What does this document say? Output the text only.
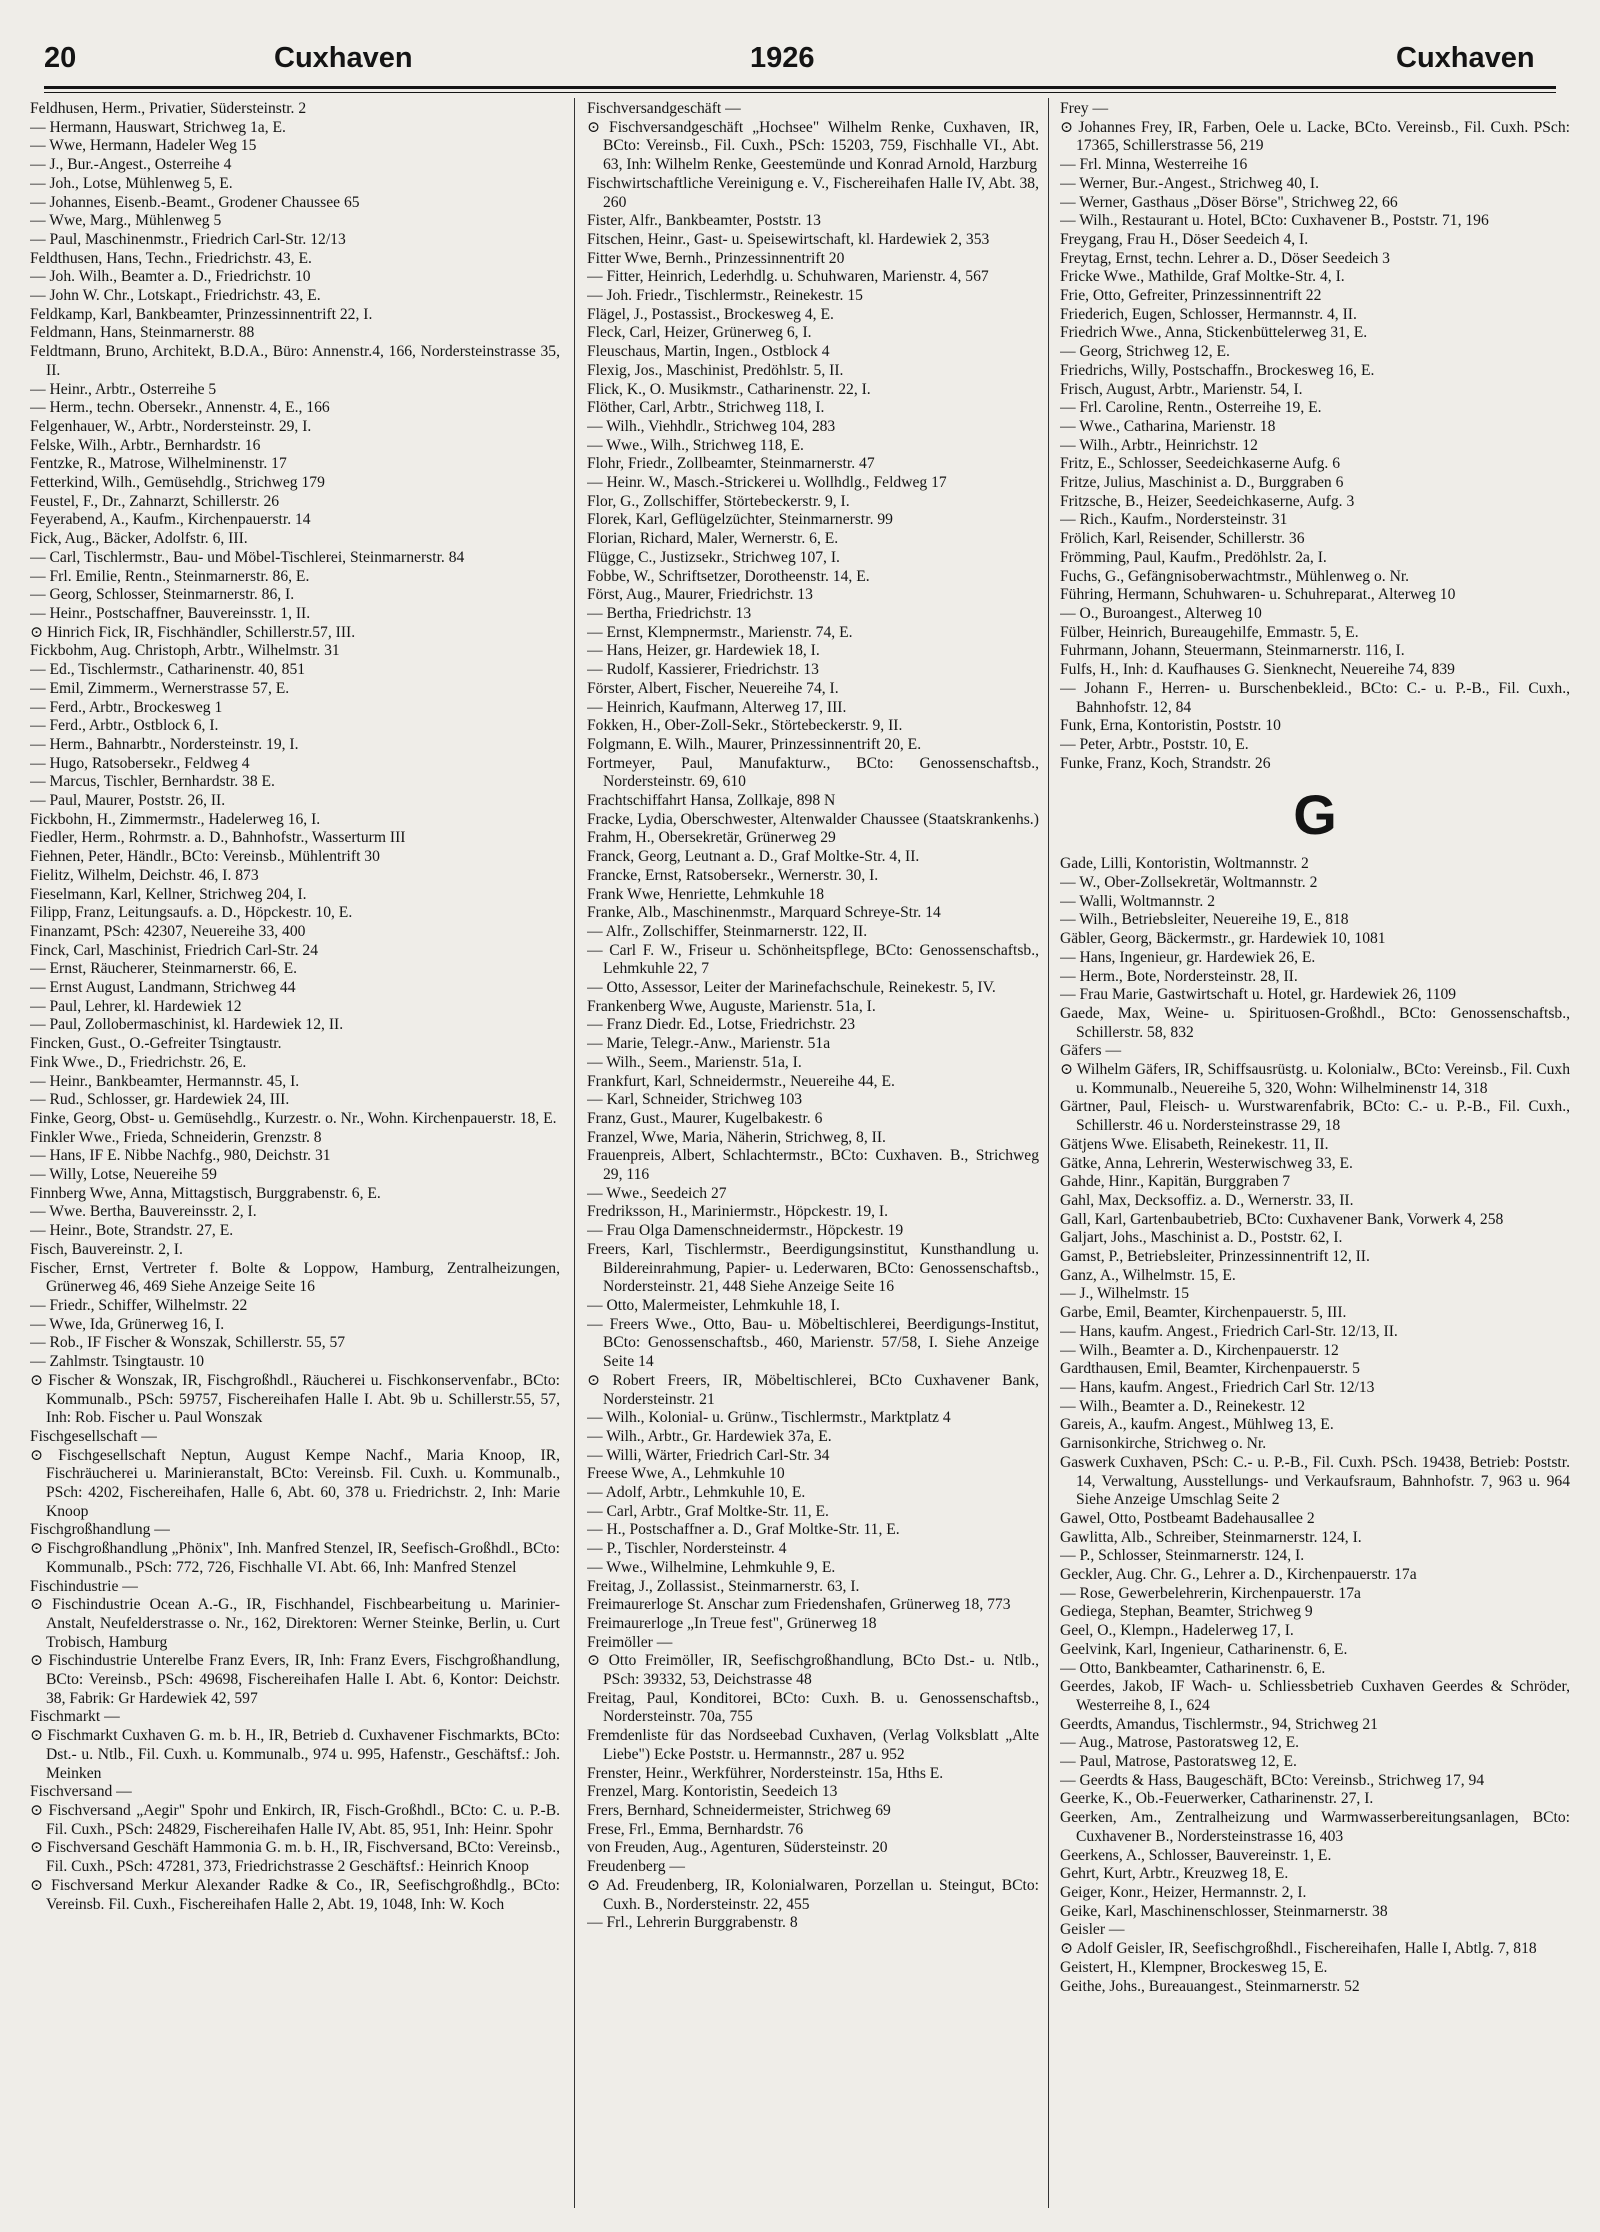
20	Cuxhaven	1926	Cuxhaven

Feldhusen, Herm., Privatier, Südersteinstr. 2

— Hermann, Hauswart, Strichweg 1a, E.

— Wwe, Hermann, Hadeler Weg 15

— J., Bur.-Angest., Osterreihe 4

— Joh., Lotse, Mühlenweg 5, E.

— Johannes, Eisenb.-Beamt., Grodener Chaussee 65

— Wwe, Marg., Mühlenweg 5

— Paul, Maschinenmstr., Friedrich Carl-Str. 12/13

Feldthusen, Hans, Techn., Friedrichstr. 43, E.

— Joh. Wilh., Beamter a. D., Friedrichstr. 10

— John W. Chr., Lotskapt., Friedrichstr. 43, E.

Feldkamp, Karl, Bankbeamter, Prinzessinnentrift 22, I.

Feldmann, Hans, Steinmarnerstr. 88

Feldtmann, Bruno, Architekt, B.D.A., Büro: Annenstr.4, 166, Nordersteinstrasse 35, II.

— Heinr., Arbtr., Osterreihe 5

— Herm., techn. Obersekr., Annenstr. 4, E., 166

Felgenhauer, W., Arbtr., Nordersteinstr. 29, I.

Felske, Wilh., Arbtr., Bernhardstr. 16

Fentzke, R., Matrose, Wilhelminenstr. 17

Fetterkind, Wilh., Gemüsehdlg., Strichweg 179

Feustel, F., Dr., Zahnarzt, Schillerstr. 26

Feyerabend, A., Kaufm., Kirchenpauerstr. 14

Fick, Aug., Bäcker, Adolfstr. 6, III.

— Carl, Tischlermstr., Bau- und Möbel-Tischlerei, Steinmarnerstr. 84

— Frl. Emilie, Rentn., Steinmarnerstr. 86, E.

— Georg, Schlosser, Steinmarnerstr. 86, I.

— Heinr., Postschaffner, Bauvereinsstr. 1, II.

⊙ Hinrich Fick, IR, Fischhändler, Schillerstr.57, III.

Fickbohm, Aug. Christoph, Arbtr., Wilhelmstr. 31

— Ed., Tischlermstr., Catharinenstr. 40, 851

— Emil, Zimmerm., Wernerstrasse 57, E.

— Ferd., Arbtr., Brockesweg 1

— Ferd., Arbtr., Ostblock 6, I.

— Herm., Bahnarbtr., Nordersteinstr. 19, I.

— Hugo, Ratsobersekr., Feldweg 4

— Marcus, Tischler, Bernhardstr. 38 E.

— Paul, Maurer, Poststr. 26, II.

Fickbohn, H., Zimmermstr., Hadelerweg 16, I.

Fiedler, Herm., Rohrmstr. a. D., Bahnhofstr., Wasserturm III

Fiehnen, Peter, Händlr., BCto: Vereinsb., Mühlentrift 30

Fielitz, Wilhelm, Deichstr. 46, I. 873

Fieselmann, Karl, Kellner, Strichweg 204, I.

Filipp, Franz, Leitungsaufs. a. D., Höpckestr. 10, E.

Finanzamt, PSch: 42307, Neuereihe 33, 400

Finck, Carl, Maschinist, Friedrich Carl-Str. 24

— Ernst, Räucherer, Steinmarnerstr. 66, E.

— Ernst August, Landmann, Strichweg 44

— Paul, Lehrer, kl. Hardewiek 12

— Paul, Zollobermaschinist, kl. Hardewiek 12, II.

Fincken, Gust., O.-Gefreiter Tsingtaustr.

Fink Wwe., D., Friedrichstr. 26, E.

— Heinr., Bankbeamter, Hermannstr. 45, I.

— Rud., Schlosser, gr. Hardewiek 24, III.

Finke, Georg, Obst- u. Gemüsehdlg., Kurzestr. o. Nr., Wohn. Kirchenpauerstr. 18, E.

Finkler Wwe., Frieda, Schneiderin, Grenzstr. 8

— Hans, IF E. Nibbe Nachfg., 980, Deichstr. 31

— Willy, Lotse, Neuereihe 59

Finnberg Wwe, Anna, Mittagstisch, Burggrabenstr. 6, E.

— Wwe. Bertha, Bauvereinsstr. 2, I.

— Heinr., Bote, Strandstr. 27, E.

Fisch, Bauvereinstr. 2, I.

Fischer, Ernst, Vertreter f. Bolte & Loppow, Hamburg, Zentralheizungen, Grünerweg 46, 469 Siehe Anzeige Seite 16

— Friedr., Schiffer, Wilhelmstr. 22

— Wwe, Ida, Grünerweg 16, I.

— Rob., IF Fischer & Wonszak, Schillerstr. 55, 57

— Zahlmstr. Tsingtaustr. 10

⊙ Fischer & Wonszak, IR, Fischgroßhdl., Räucherei u. Fischkonservenfabr., BCto: Kommunalb., PSch: 59757, Fischereihafen Halle I. Abt. 9b u. Schillerstr.55, 57, Inh: Rob. Fischer u. Paul Wonszak

Fischgesellschaft —

⊙ Fischgesellschaft Neptun, August Kempe Nachf., Maria Knoop, IR, Fischräucherei u. Marinieranstalt, BCto: Vereinsb. Fil. Cuxh. u. Kommunalb., PSch: 4202, Fischereihafen, Halle 6, Abt. 60, 378 u. Friedrichstr. 2, Inh: Marie Knoop

Fischgroßhandlung —

⊙ Fischgroßhandlung „Phönix", Inh. Manfred Stenzel, IR, Seefisch-Großhdl., BCto: Kommunalb., PSch: 772, 726, Fischhalle VI. Abt. 66, Inh: Manfred Stenzel

Fischindustrie —

⊙ Fischindustrie Ocean A.-G., IR, Fischhandel, Fischbearbeitung u. Marinier-Anstalt, Neufelderstrasse o. Nr., 162, Direktoren: Werner Steinke, Berlin, u. Curt Trobisch, Hamburg

⊙ Fischindustrie Unterelbe Franz Evers, IR, Inh: Franz Evers, Fischgroßhandlung, BCto: Vereinsb., PSch: 49698, Fischereihafen Halle I. Abt. 6, Kontor: Deichstr. 38, Fabrik: Gr Hardewiek 42, 597

Fischmarkt —

⊙ Fischmarkt Cuxhaven G. m. b. H., IR, Betrieb d. Cuxhavener Fischmarkts, BCto: Dst.- u. Ntlb., Fil. Cuxh. u. Kommunalb., 974 u. 995, Hafenstr., Geschäftsf.: Joh. Meinken

Fischversand —

⊙ Fischversand „Aegir" Spohr und Enkirch, IR, Fisch-Großhdl., BCto: C. u. P.-B. Fil. Cuxh., PSch: 24829, Fischereihafen Halle IV, Abt. 85, 951, Inh: Heinr. Spohr

⊙ Fischversand Geschäft Hammonia G. m. b. H., IR, Fischversand, BCto: Vereinsb., Fil. Cuxh., PSch: 47281, 373, Friedrichstrasse 2 Geschäftsf.: Heinrich Knoop

⊙ Fischversand Merkur Alexander Radke & Co., IR, Seefischgroßhdlg., BCto: Vereinsb. Fil. Cuxh., Fischereihafen Halle 2, Abt. 19, 1048, Inh: W. Koch

Fischversandgeschäft —

⊙ Fischversandgeschäft „Hochsee" Wilhelm Renke, Cuxhaven, IR, BCto: Vereinsb., Fil. Cuxh., PSch: 15203, 759, Fischhalle VI., Abt. 63, Inh: Wilhelm Renke, Geestemünde und Konrad Arnold, Harzburg

Fischwirtschaftliche Vereinigung e. V., Fischereihafen Halle IV, Abt. 38, 260

Fister, Alfr., Bankbeamter, Poststr. 13

Fitschen, Heinr., Gast- u. Speisewirtschaft, kl. Hardewiek 2, 353

Fitter Wwe, Bernh., Prinzessinnentrift 20

— Fitter, Heinrich, Lederhdlg. u. Schuhwaren, Marienstr. 4, 567

— Joh. Friedr., Tischlermstr., Reinekestr. 15

Flägel, J., Postassist., Brockesweg 4, E.

Fleck, Carl, Heizer, Grünerweg 6, I.

Fleuschaus, Martin, Ingen., Ostblock 4

Flexig, Jos., Maschinist, Predöhlstr. 5, II.

Flick, K., O. Musikmstr., Catharinenstr. 22, I.

Flöther, Carl, Arbtr., Strichweg 118, I.

— Wilh., Viehhdlr., Strichweg 104, 283

— Wwe., Wilh., Strichweg 118, E.

Flohr, Friedr., Zollbeamter, Steinmarnerstr. 47

— Heinr. W., Masch.-Strickerei u. Wollhdlg., Feldweg 17

Flor, G., Zollschiffer, Störtebeckerstr. 9, I.

Florek, Karl, Geflügelzüchter, Steinmarnerstr. 99

Florian, Richard, Maler, Wernerstr. 6, E.

Flügge, C., Justizsekr., Strichweg 107, I.

Fobbe, W., Schriftsetzer, Dorotheenstr. 14, E.

Först, Aug., Maurer, Friedrichstr. 13

— Bertha, Friedrichstr. 13

— Ernst, Klempnermstr., Marienstr. 74, E.

— Hans, Heizer, gr. Hardewiek 18, I.

— Rudolf, Kassierer, Friedrichstr. 13

Förster, Albert, Fischer, Neuereihe 74, I.

— Heinrich, Kaufmann, Alterweg 17, III.

Fokken, H., Ober-Zoll-Sekr., Störtebeckerstr. 9, II.

Folgmann, E. Wilh., Maurer, Prinzessinnentrift 20, E.

Fortmeyer, Paul, Manufakturw., BCto: Genossenschaftsb., Nordersteinstr. 69, 610

Frachtschiffahrt Hansa, Zollkaje, 898 N

Fracke, Lydia, Oberschwester, Altenwalder Chaussee (Staatskrankenhs.)

Frahm, H., Obersekretär, Grünerweg 29

Franck, Georg, Leutnant a. D., Graf Moltke-Str. 4, II.

Francke, Ernst, Ratsobersekr., Wernerstr. 30, I.

Frank Wwe, Henriette, Lehmkuhle 18

Franke, Alb., Maschinenmstr., Marquard Schreye-Str. 14

— Alfr., Zollschiffer, Steinmarnerstr. 122, II.

— Carl F. W., Friseur u. Schönheitspflege, BCto: Genossenschaftsb., Lehmkuhle 22, 7

— Otto, Assessor, Leiter der Marinefachschule, Reinekestr. 5, IV.

Frankenberg Wwe, Auguste, Marienstr. 51a, I.

— Franz Diedr. Ed., Lotse, Friedrichstr. 23

— Marie, Telegr.-Anw., Marienstr. 51a

— Wilh., Seem., Marienstr. 51a, I.

Frankfurt, Karl, Schneidermstr., Neuereihe 44, E.

— Karl, Schneider, Strichweg 103

Franz, Gust., Maurer, Kugelbakestr. 6

Franzel, Wwe, Maria, Näherin, Strichweg, 8, II.

Frauenpreis, Albert, Schlachtermstr., BCto: Cuxhaven. B., Strichweg 29, 116

— Wwe., Seedeich 27

Fredriksson, H., Mariniermstr., Höpckestr. 19, I.

— Frau Olga Damenschneidermstr., Höpckestr. 19

Freers, Karl, Tischlermstr., Beerdigungsinstitut, Kunsthandlung u. Bildereinrahmung, Papier- u. Lederwaren, BCto: Genossenschaftsb., Nordersteinstr. 21, 448 Siehe Anzeige Seite 16

— Otto, Malermeister, Lehmkuhle 18, I.

— Freers Wwe., Otto, Bau- u. Möbeltischlerei, Beerdigungs-Institut, BCto: Genossenschaftsb., 460, Marienstr. 57/58, I. Siehe Anzeige Seite 14

⊙ Robert Freers, IR, Möbeltischlerei, BCto Cuxhavener Bank, Nordersteinstr. 21

— Wilh., Kolonial- u. Grünw., Tischlermstr., Marktplatz 4

— Wilh., Arbtr., Gr. Hardewiek 37a, E.

— Willi, Wärter, Friedrich Carl-Str. 34

Freese Wwe, A., Lehmkuhle 10

— Adolf, Arbtr., Lehmkuhle 10, E.

— Carl, Arbtr., Graf Moltke-Str. 11, E.

— H., Postschaffner a. D., Graf Moltke-Str. 11, E.

— P., Tischler, Nordersteinstr. 4

— Wwe., Wilhelmine, Lehmkuhle 9, E.

Freitag, J., Zollassist., Steinmarnerstr. 63, I.

Freimaurerloge St. Anschar zum Friedenshafen, Grünerweg 18, 773

Freimaurerloge „In Treue fest", Grünerweg 18

Freimöller —

⊙ Otto Freimöller, IR, Seefischgroßhandlung, BCto Dst.- u. Ntlb., PSch: 39332, 53, Deichstrasse 48

Freitag, Paul, Konditorei, BCto: Cuxh. B. u. Genossenschaftsb., Nordersteinstr. 70a, 755

Fremdenliste für das Nordseebad Cuxhaven, (Verlag Volksblatt „Alte Liebe") Ecke Poststr. u. Hermannstr., 287 u. 952

Frenster, Heinr., Werkführer, Nordersteinstr. 15a, Hths E.

Frenzel, Marg. Kontoristin, Seedeich 13

Frers, Bernhard, Schneidermeister, Strichweg 69

Frese, Frl., Emma, Bernhardstr. 76

von Freuden, Aug., Agenturen, Südersteinstr. 20

Freudenberg —

⊙ Ad. Freudenberg, IR, Kolonialwaren, Porzellan u. Steingut, BCto: Cuxh. B., Nordersteinstr. 22, 455

— Frl., Lehrerin Burggrabenstr. 8

Frey —

⊙ Johannes Frey, IR, Farben, Oele u. Lacke, BCto. Vereinsb., Fil. Cuxh. PSch: 17365, Schillerstrasse 56, 219

— Frl. Minna, Westerreihe 16

— Werner, Bur.-Angest., Strichweg 40, I.

— Werner, Gasthaus „Döser Börse", Strichweg 22, 66

— Wilh., Restaurant u. Hotel, BCto: Cuxhavener B., Poststr. 71, 196

Freygang, Frau H., Döser Seedeich 4, I.

Freytag, Ernst, techn. Lehrer a. D., Döser Seedeich 3

Fricke Wwe., Mathilde, Graf Moltke-Str. 4, I.

Frie, Otto, Gefreiter, Prinzessinnentrift 22

Friederich, Eugen, Schlosser, Hermannstr. 4, II.

Friedrich Wwe., Anna, Stickenbüttelerweg 31, E.

— Georg, Strichweg 12, E.

Friedrichs, Willy, Postschaffn., Brockesweg 16, E.

Frisch, August, Arbtr., Marienstr. 54, I.

— Frl. Caroline, Rentn., Osterreihe 19, E.

— Wwe., Catharina, Marienstr. 18

— Wilh., Arbtr., Heinrichstr. 12

Fritz, E., Schlosser, Seedeichkaserne Aufg. 6

Fritze, Julius, Maschinist a. D., Burggraben 6

Fritzsche, B., Heizer, Seedeichkaserne, Aufg. 3

— Rich., Kaufm., Nordersteinstr. 31

Frölich, Karl, Reisender, Schillerstr. 36

Frömming, Paul, Kaufm., Predöhlstr. 2a, I.

Fuchs, G., Gefängnisoberwachtmstr., Mühlenweg o. Nr.

Führing, Hermann, Schuhwaren- u. Schuhreparat., Alterweg 10

— O., Buroangest., Alterweg 10

Fülber, Heinrich, Bureaugehilfe, Emmastr. 5, E.

Fuhrmann, Johann, Steuermann, Steinmarnerstr. 116, I.

Fulfs, H., Inh: d. Kaufhauses G. Sienknecht, Neuereihe 74, 839

— Johann F., Herren- u. Burschenbekleid., BCto: C.- u. P.-B., Fil. Cuxh., Bahnhofstr. 12, 84

Funk, Erna, Kontoristin, Poststr. 10

— Peter, Arbtr., Poststr. 10, E.

Funke, Franz, Koch, Strandstr. 26

G

Gade, Lilli, Kontoristin, Woltmannstr. 2

— W., Ober-Zollsekretär, Woltmannstr. 2

— Walli, Woltmannstr. 2

— Wilh., Betriebsleiter, Neuereihe 19, E., 818

Gäbler, Georg, Bäckermstr., gr. Hardewiek 10, 1081

— Hans, Ingenieur, gr. Hardewiek 26, E.

— Herm., Bote, Nordersteinstr. 28, II.

— Frau Marie, Gastwirtschaft u. Hotel, gr. Hardewiek 26, 1109

Gaede, Max, Weine- u. Spirituosen-Großhdl., BCto: Genossenschaftsb., Schillerstr. 58, 832

Gäfers —

⊙ Wilhelm Gäfers, IR, Schiffsausrüstg. u. Kolonialw., BCto: Vereinsb., Fil. Cuxh u. Kommunalb., Neuereihe 5, 320, Wohn: Wilhelminenstr 14, 318

Gärtner, Paul, Fleisch- u. Wurstwarenfabrik, BCto: C.- u. P.-B., Fil. Cuxh., Schillerstr. 46 u. Nordersteinstrasse 29, 18

Gätjens Wwe. Elisabeth, Reinekestr. 11, II.

Gätke, Anna, Lehrerin, Westerwischweg 33, E.

Gahde, Hinr., Kapitän, Burggraben 7

Gahl, Max, Decksoffiz. a. D., Wernerstr. 33, II.

Gall, Karl, Gartenbaubetrieb, BCto: Cuxhavener Bank, Vorwerk 4, 258

Galjart, Johs., Maschinist a. D., Poststr. 62, I.

Gamst, P., Betriebsleiter, Prinzessinnentrift 12, II.

Ganz, A., Wilhelmstr. 15, E.

— J., Wilhelmstr. 15

Garbe, Emil, Beamter, Kirchenpauerstr. 5, III.

— Hans, kaufm. Angest., Friedrich Carl-Str. 12/13, II.

— Wilh., Beamter a. D., Kirchenpauerstr. 12

Gardthausen, Emil, Beamter, Kirchenpauerstr. 5

— Hans, kaufm. Angest., Friedrich Carl Str. 12/13

— Wilh., Beamter a. D., Reinekestr. 12

Gareis, A., kaufm. Angest., Mühlweg 13, E.

Garnisonkirche, Strichweg o. Nr.

Gaswerk Cuxhaven, PSch: C.- u. P.-B., Fil. Cuxh. PSch. 19438, Betrieb: Poststr. 14, Verwaltung, Ausstellungs- und Verkaufsraum, Bahnhofstr. 7, 963 u. 964 Siehe Anzeige Umschlag Seite 2

Gawel, Otto, Postbeamt Badehausallee 2

Gawlitta, Alb., Schreiber, Steinmarnerstr. 124, I.

— P., Schlosser, Steinmarnerstr. 124, I.

Geckler, Aug. Chr. G., Lehrer a. D., Kirchenpauerstr. 17a

— Rose, Gewerbelehrerin, Kirchenpauerstr. 17a

Gediega, Stephan, Beamter, Strichweg 9

Geel, O., Klempn., Hadelerweg 17, I.

Geelvink, Karl, Ingenieur, Catharinenstr. 6, E.

— Otto, Bankbeamter, Catharinenstr. 6, E.

Geerdes, Jakob, IF Wach- u. Schliessbetrieb Cuxhaven Geerdes & Schröder, Westerreihe 8, I., 624

Geerdts, Amandus, Tischlermstr., 94, Strichweg 21

— Aug., Matrose, Pastoratsweg 12, E.

— Paul, Matrose, Pastoratsweg 12, E.

— Geerdts & Hass, Baugeschäft, BCto: Vereinsb., Strichweg 17, 94

Geerke, K., Ob.-Feuerwerker, Catharinenstr. 27, I.

Geerken, Am., Zentralheizung und Warmwasserbereitungsanlagen, BCto: Cuxhavener B., Nordersteinstrasse 16, 403

Geerkens, A., Schlosser, Bauvereinstr. 1, E.

Gehrt, Kurt, Arbtr., Kreuzweg 18, E.

Geiger, Konr., Heizer, Hermannstr. 2, I.

Geike, Karl, Maschinenschlosser, Steinmarnerstr. 38

Geisler —

⊙ Adolf Geisler, IR, Seefischgroßhdl., Fischereihafen, Halle I, Abtlg. 7, 818

Geistert, H., Klempner, Brockesweg 15, E.

Geithe, Johs., Bureauangest., Steinmarnerstr. 52
